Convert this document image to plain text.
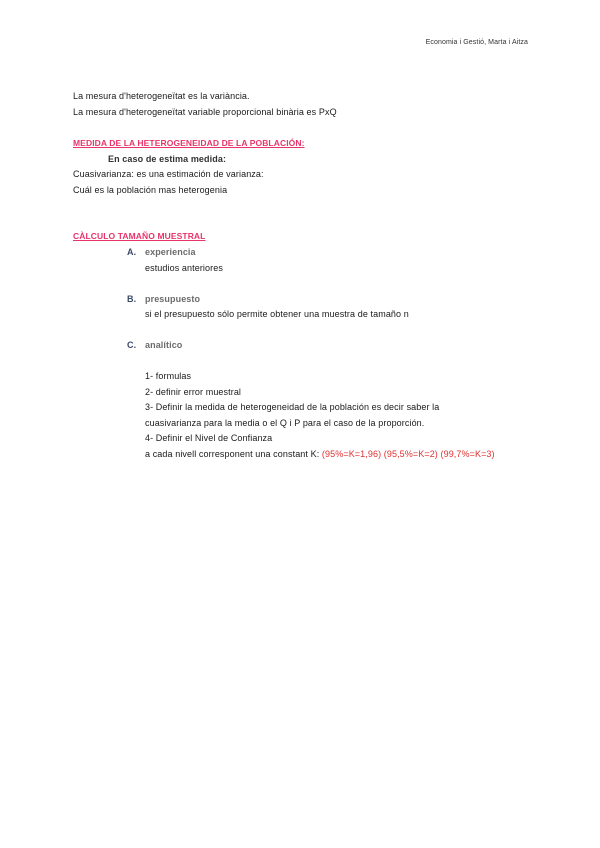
Economia i Gestió, Marta i Aitza
La mesura d'heterogeneïtat es la variància.
La mesura d'heterogeneïtat variable proporcional binària es PxQ
MEDIDA DE LA HETEROGENEIDAD DE LA POBLACIÓN:
En caso de estima medida:
Cuasivarianza: es una estimación de varianza:
Cuál es la población mas heterogenia
CÀLCULO TAMAÑO MUESTRAL
A. experiencia
estudios anteriores
B. presupuesto
si el presupuesto sólo permite obtener una muestra de tamaño n
C. analítico
1- formulas
2- definir error muestral
3- Definir la medida de heterogeneidad de la población es decir saber la
cuasivarianza para la media o el Q i P para el caso de la proporción.
4- Definir el Nivel de Confianza
a cada nivell corresponent una constant K: (95%=K=1,96) (95,5%=K=2) (99,7%=K=3)
